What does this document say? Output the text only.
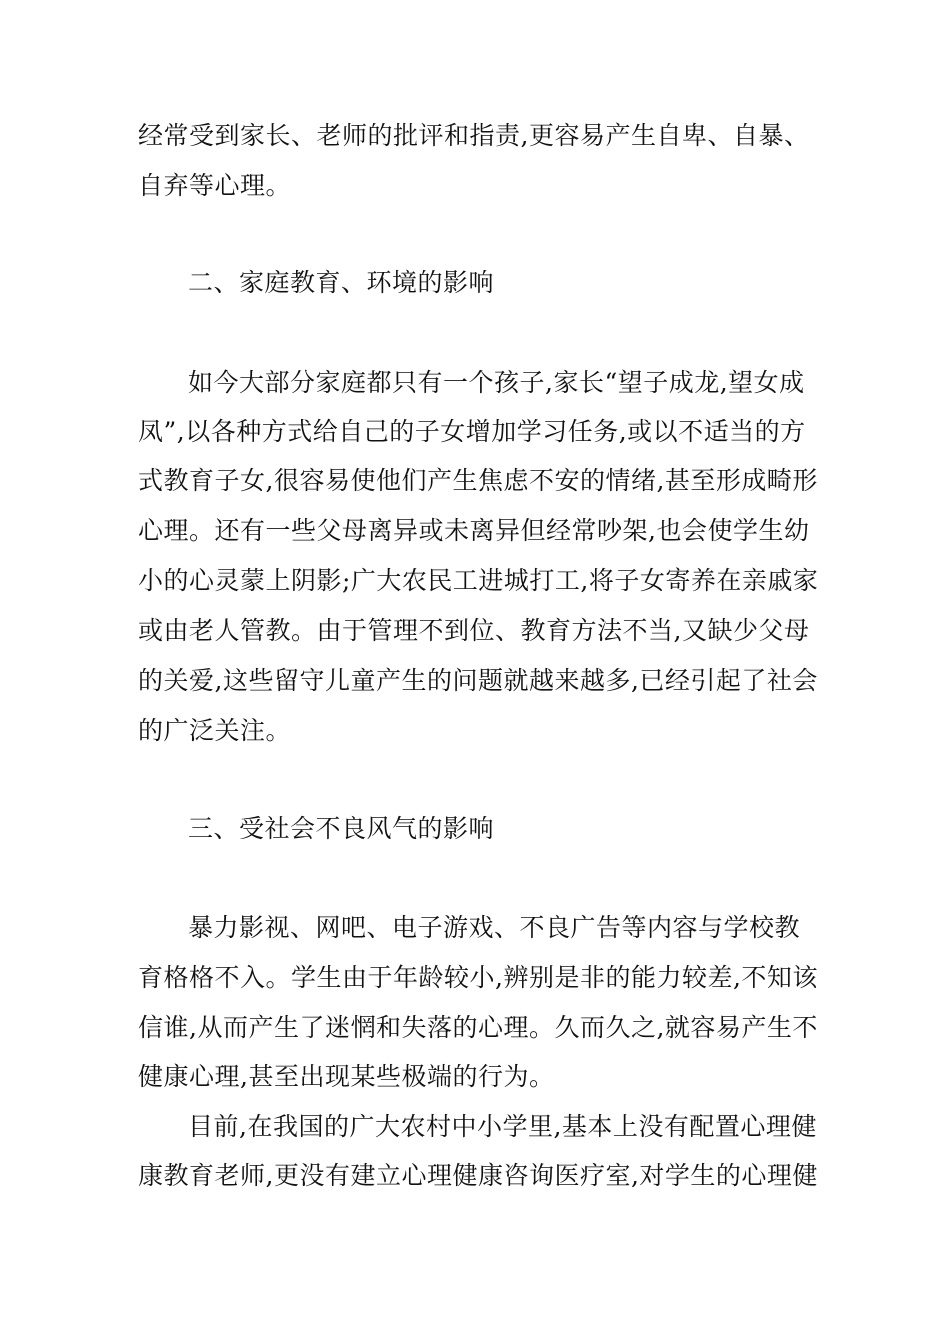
经常受到家长、老师的批评和指责,更容易产生自卑、自暴、

自弃等心理。

二、家庭教育、环境的影响

如今大部分家庭都只有一个孩子,家长“望子成龙,望女成

凤”,以各种方式给自己的子女增加学习任务,或以不适当的方

式教育子女,很容易使他们产生焦虑不安的情绪,甚至形成畸形

心理。还有一些父母离异或未离异但经常吵架,也会使学生幼

小的心灵蒙上阴影;广大农民工进城打工,将子女寄养在亲戚家

或由老人管教。由于管理不到位、教育方法不当,又缺少父母

的关爱,这些留守儿童产生的问题就越来越多,已经引起了社会

的广泛关注。

三、受社会不良风气的影响

暴力影视、网吧、电子游戏、不良广告等内容与学校教

育格格不入。学生由于年龄较小,辨别是非的能力较差,不知该

信谁,从而产生了迷惘和失落的心理。久而久之,就容易产生不

健康心理,甚至出现某些极端的行为。

目前,在我国的广大农村中小学里,基本上没有配置心理健

康教育老师,更没有建立心理健康咨询医疗室,对学生的心理健
